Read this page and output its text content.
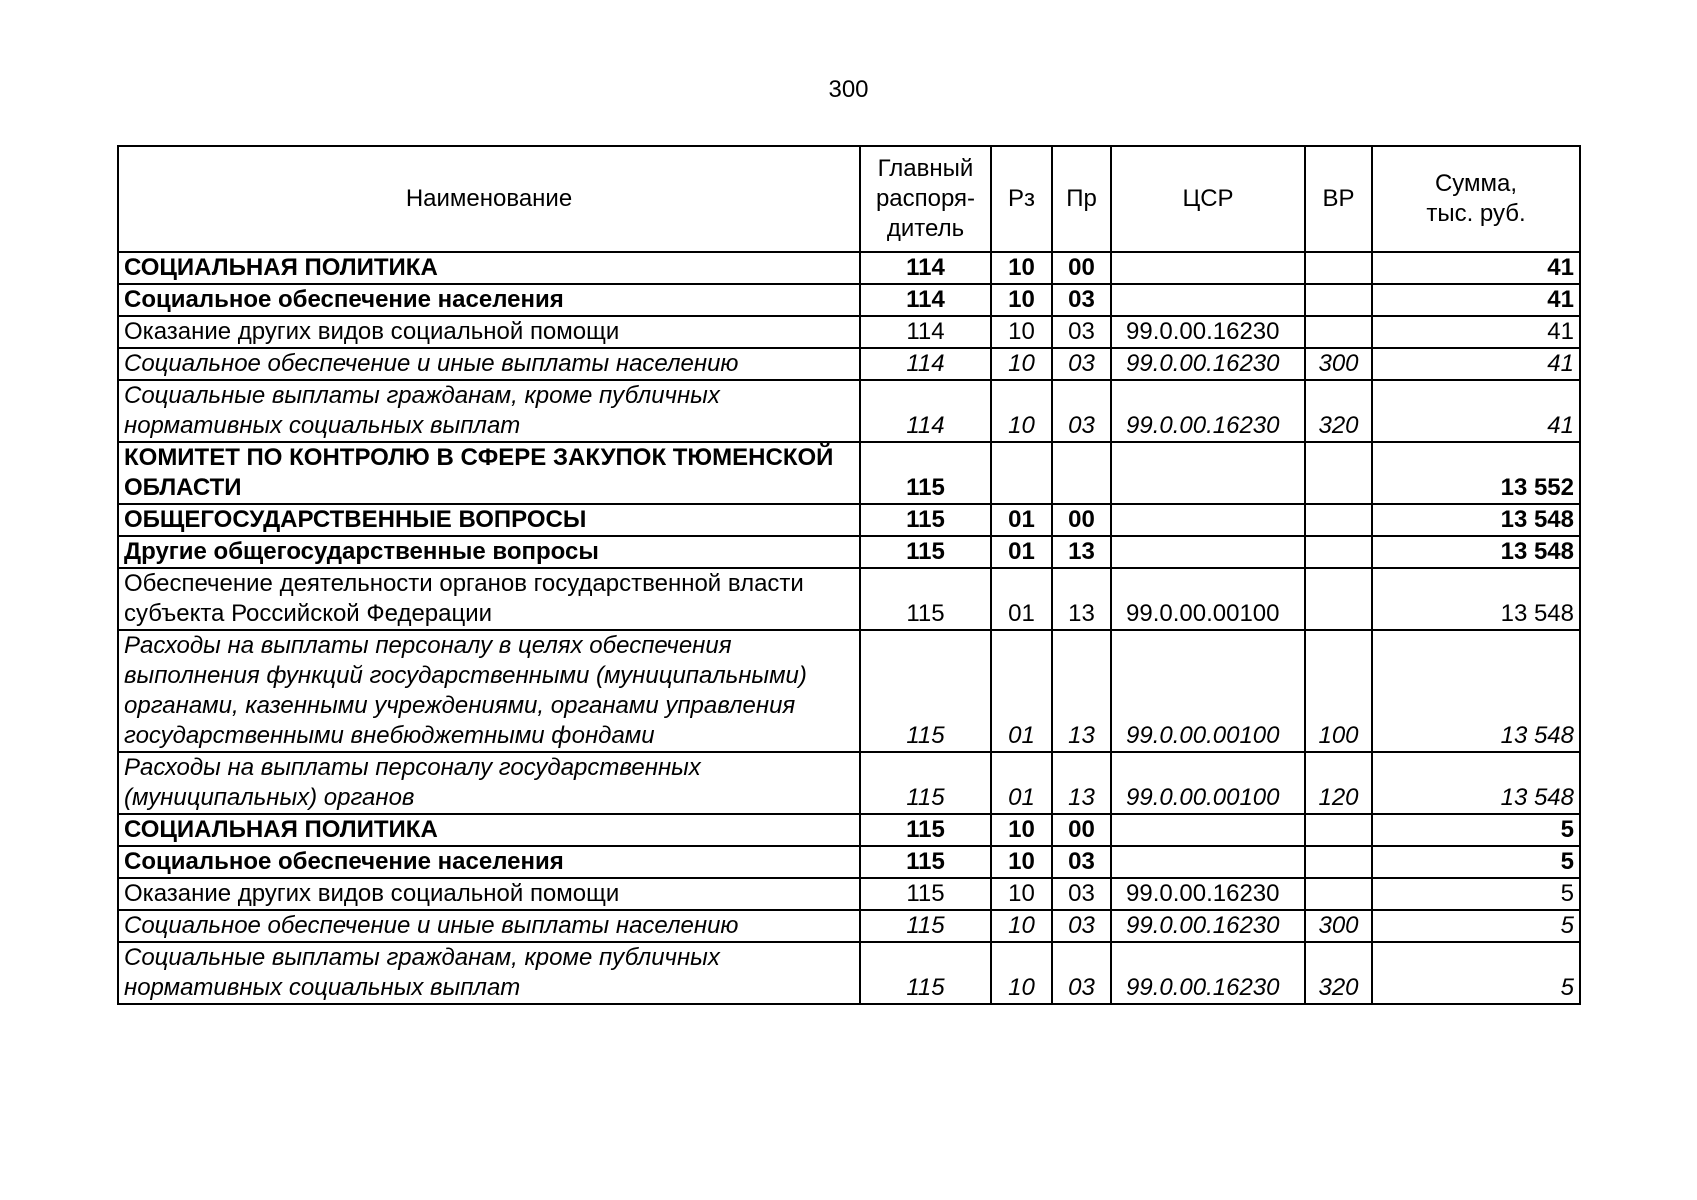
300
Наименование	Главный
распоря-
дитель	Рз	Пр	ЦСР	ВР	Сумма,
тыс. руб.

СОЦИАЛЬНАЯ ПОЛИТИКА	114	10	00			41
Социальное обеспечение населения	114	10	03			41
Оказание других видов социальной помощи	114	10	03	99.0.00.16230		41
Социальное обеспечение и иные выплаты населению	114	10	03	99.0.00.16230	300	41
Социальные выплаты гражданам, кроме публичных нормативных социальных выплат	114	10	03	99.0.00.16230	320	41
КОМИТЕТ ПО КОНТРОЛЮ В СФЕРЕ ЗАКУПОК ТЮМЕНСКОЙ ОБЛАСТИ	115					13 552
ОБЩЕГОСУДАРСТВЕННЫЕ ВОПРОСЫ	115	01	00			13 548
Другие общегосударственные вопросы	115	01	13			13 548
Обеспечение деятельности органов государственной власти субъекта Российской Федерации	115	01	13	99.0.00.00100		13 548
Расходы на выплаты персоналу в целях обеспечения выполнения функций государственными (муниципальными) органами, казенными учреждениями, органами управления государственными внебюджетными фондами	115	01	13	99.0.00.00100	100	13 548
Расходы на выплаты персоналу государственных (муниципальных) органов	115	01	13	99.0.00.00100	120	13 548
СОЦИАЛЬНАЯ ПОЛИТИКА	115	10	00			5
Социальное обеспечение населения	115	10	03			5
Оказание других видов социальной помощи	115	10	03	99.0.00.16230		5
Социальное обеспечение и иные выплаты населению	115	10	03	99.0.00.16230	300	5
Социальные выплаты гражданам, кроме публичных нормативных социальных выплат	115	10	03	99.0.00.16230	320	5
